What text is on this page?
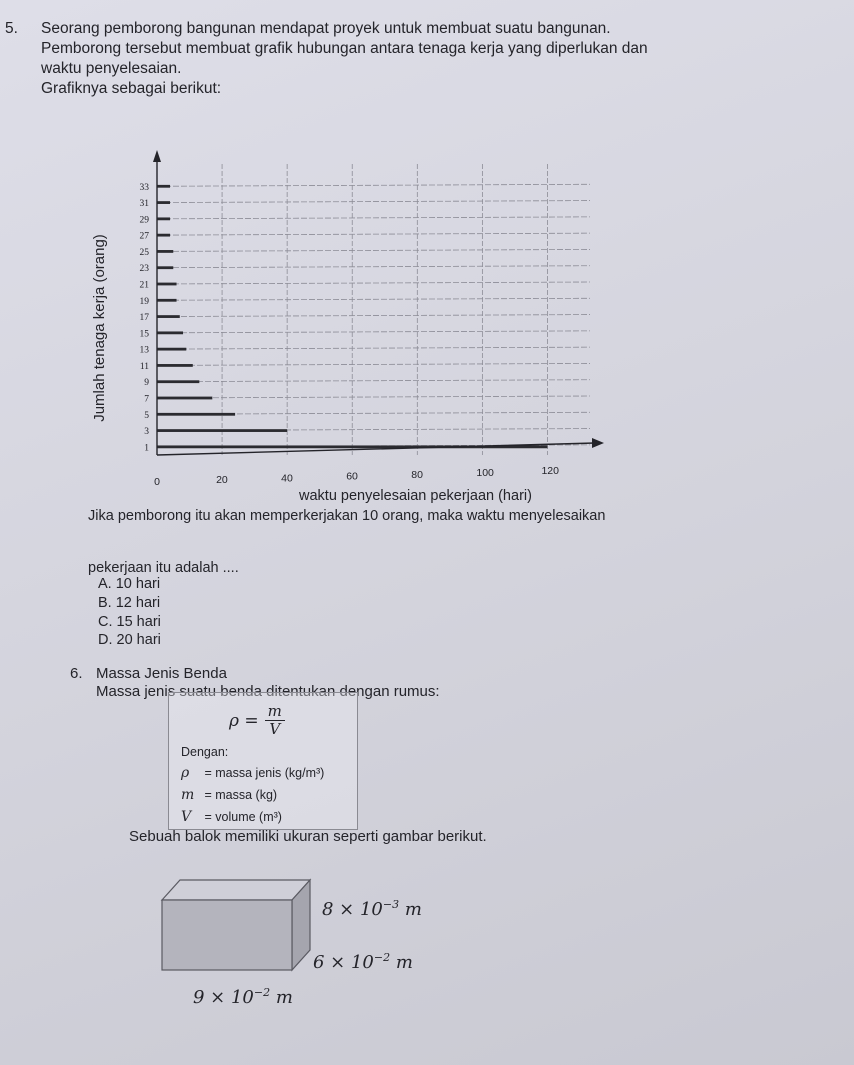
5. Seorang pemborong bangunan mendapat proyek untuk membuat suatu bangunan.
Pemborong tersebut membuat grafik hubungan antara tenaga kerja yang diperlukan dan
waktu penyelesaian.
Grafiknya sebagai berikut:
1
3
5
7
9
11
13
15
17
19
21
23
25
27
29
31
33
0	20	40	60	80	100	120
Jumlah tenaga kerja (orang)
waktu penyelesaian pekerjaan (hari)
Jika pemborong itu akan memperkerjakan 10 orang, maka waktu menyelesaikan
pekerjaan itu adalah ....
A. 10 hari
B. 12 hari
C. 15 hari
D. 20 hari
6. Massa Jenis Benda
Massa jenis suatu benda ditentukan dengan rumus:
$\rho = \frac{m}{V}$
Dengan:
ρ = massa jenis (kg/m³)
m = massa (kg)
V = volume (m³)
Sebuah balok memiliki ukuran seperti gambar berikut.
$8 \times 10^{-3}$ m
$6 \times 10^{-2}$ m
$9 \times 10^{-2}$ m
